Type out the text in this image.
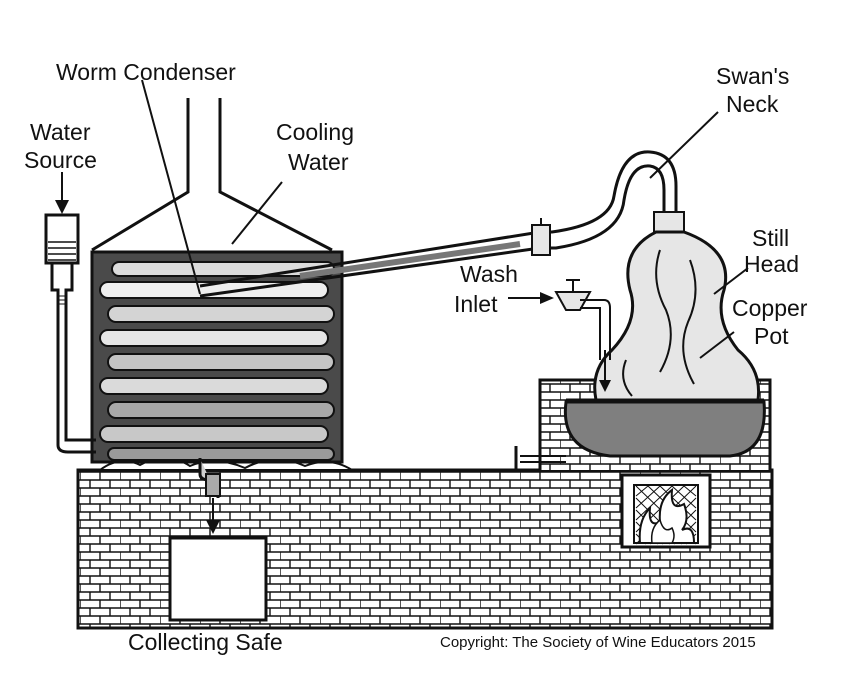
Worm Condenser
Water
Source
Cooling
Water
Swan's
Neck
Still
Head
Wash
Inlet	Copper
Pot
Collecting Safe	Copyright: The Society of Wine Educators 2015
